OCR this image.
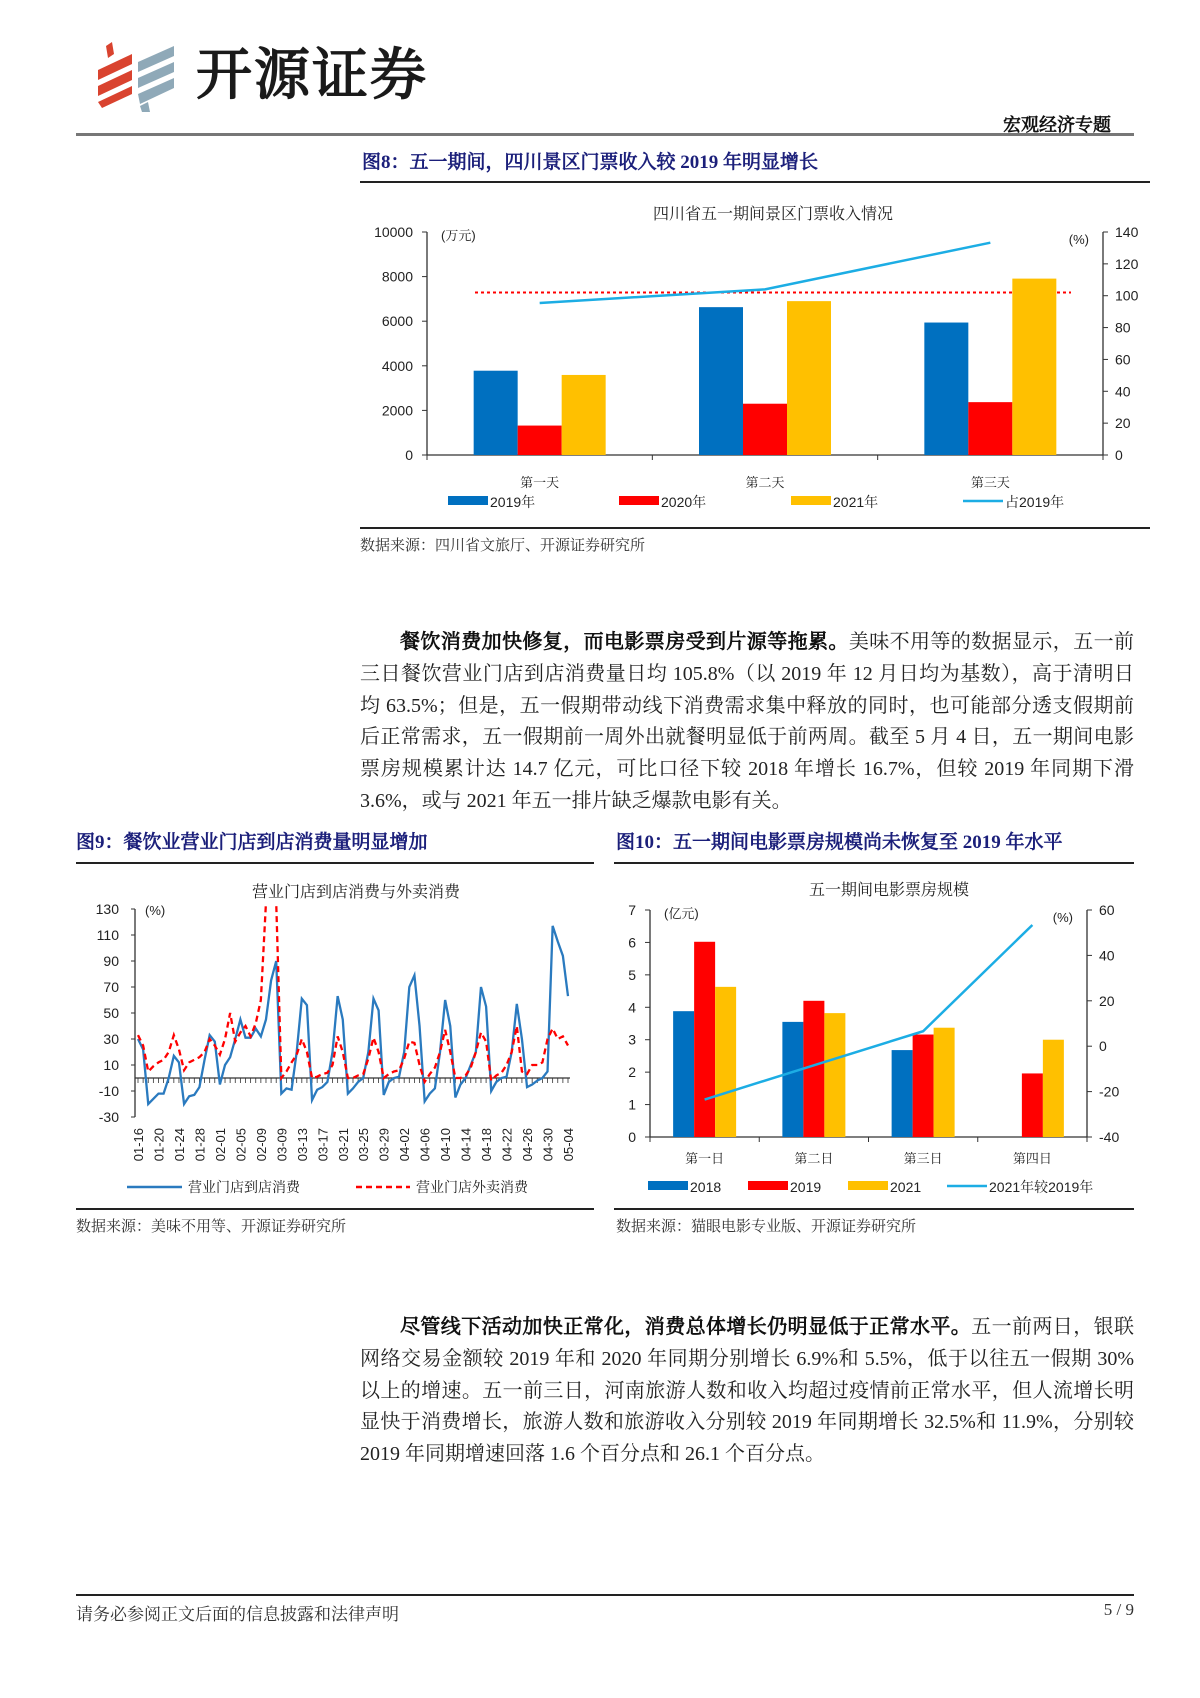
开源证券
宏观经济专题
图8：五一期间，四川景区门票收入较 2019 年明显增长
四川省五一期间景区门票收入情况
0
2000
4000
6000
8000
10000
0
20
40
60
80
100
120
140
(万元)	(%)
第一天	第二天	第三天
2019年	2020年	2021年	占2019年
数据来源：四川省文旅厅、开源证券研究所
餐饮消费加快修复，而电影票房受到片源等拖累。美味不用等的数据显示，五一前三日餐饮营业门店到店消费量日均 105.8%（以 2019 年 12 月日均为基数），高于清明日均 63.5%；但是，五一假期带动线下消费需求集中释放的同时，也可能部分透支假期前后正常需求，五一假期前一周外出就餐明显低于前两周。截至 5 月 4 日，五一期间电影票房规模累计达 14.7 亿元，可比口径下较 2018 年增长 16.7%，但较 2019 年同期下滑 3.6%，或与 2021 年五一排片缺乏爆款电影有关。
图9：餐饮业营业门店到店消费量明显增加
营业门店到店消费与外卖消费
130
110
90
70
50
30
10
-10
-30
(%)
01-16 01-20 01-24 01-28 02-01 02-05 02-09 03-09 03-13 03-17 03-21 03-25 03-29 04-02 04-06 04-10 04-14 04-18 04-22 04-26 04-30 05-04
营业门店到店消费	营业门店外卖消费
数据来源：美味不用等、开源证券研究所
图10：五一期间电影票房规模尚未恢复至 2019 年水平
五一期间电影票房规模
0
1
2
3
4
5
6
7
-40
-20
0
20
40
60
(亿元)	(%)
第一日	第二日	第三日	第四日
2018	2019	2021	2021年较2019年
数据来源：猫眼电影专业版、开源证券研究所
尽管线下活动加快正常化，消费总体增长仍明显低于正常水平。五一前两日，银联网络交易金额较 2019 年和 2020 年同期分别增长 6.9%和 5.5%，低于以往五一假期 30%以上的增速。五一前三日，河南旅游人数和收入均超过疫情前正常水平，但人流增长明显快于消费增长，旅游人数和旅游收入分别较 2019 年同期增长 32.5%和 11.9%，分别较 2019 年同期增速回落 1.6 个百分点和 26.1 个百分点。
请务必参阅正文后面的信息披露和法律声明	5 / 9
